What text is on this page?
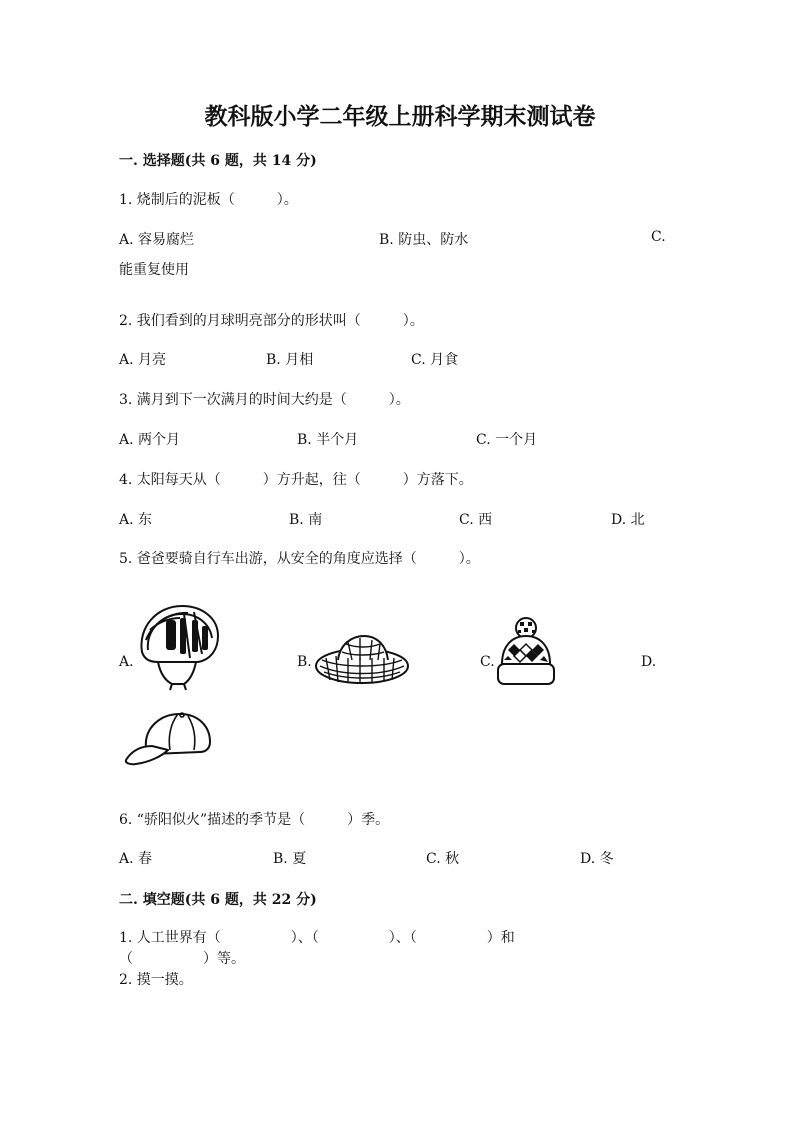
教科版小学二年级上册科学期末测试卷
一. 选择题(共 6 题，共 14 分)
1. 烧制后的泥板（　　　）。
A. 容易腐烂	B. 防虫、防水	C.
能重复使用
2. 我们看到的月球明亮部分的形状叫（　　　）。
A. 月亮	B. 月相	C. 月食
3. 满月到下一次满月的时间大约是（　　　）。
A. 两个月	B. 半个月	C. 一个月
4. 太阳每天从（　　　）方升起，往（　　　）方落下。
A. 东	B. 南	C. 西	D. 北
5. 爸爸要骑自行车出游，从安全的角度应选择（　　　）。
A.	B.	C.	D.
6. “骄阳似火”描述的季节是（　　　）季。
A. 春	B. 夏	C. 秋	D. 冬
二. 填空题(共 6 题，共 22 分)
1. 人工世界有（　　　　　）、（　　　　　）、（　　　　　）和
（　　　　　）等。
2. 摸一摸。
